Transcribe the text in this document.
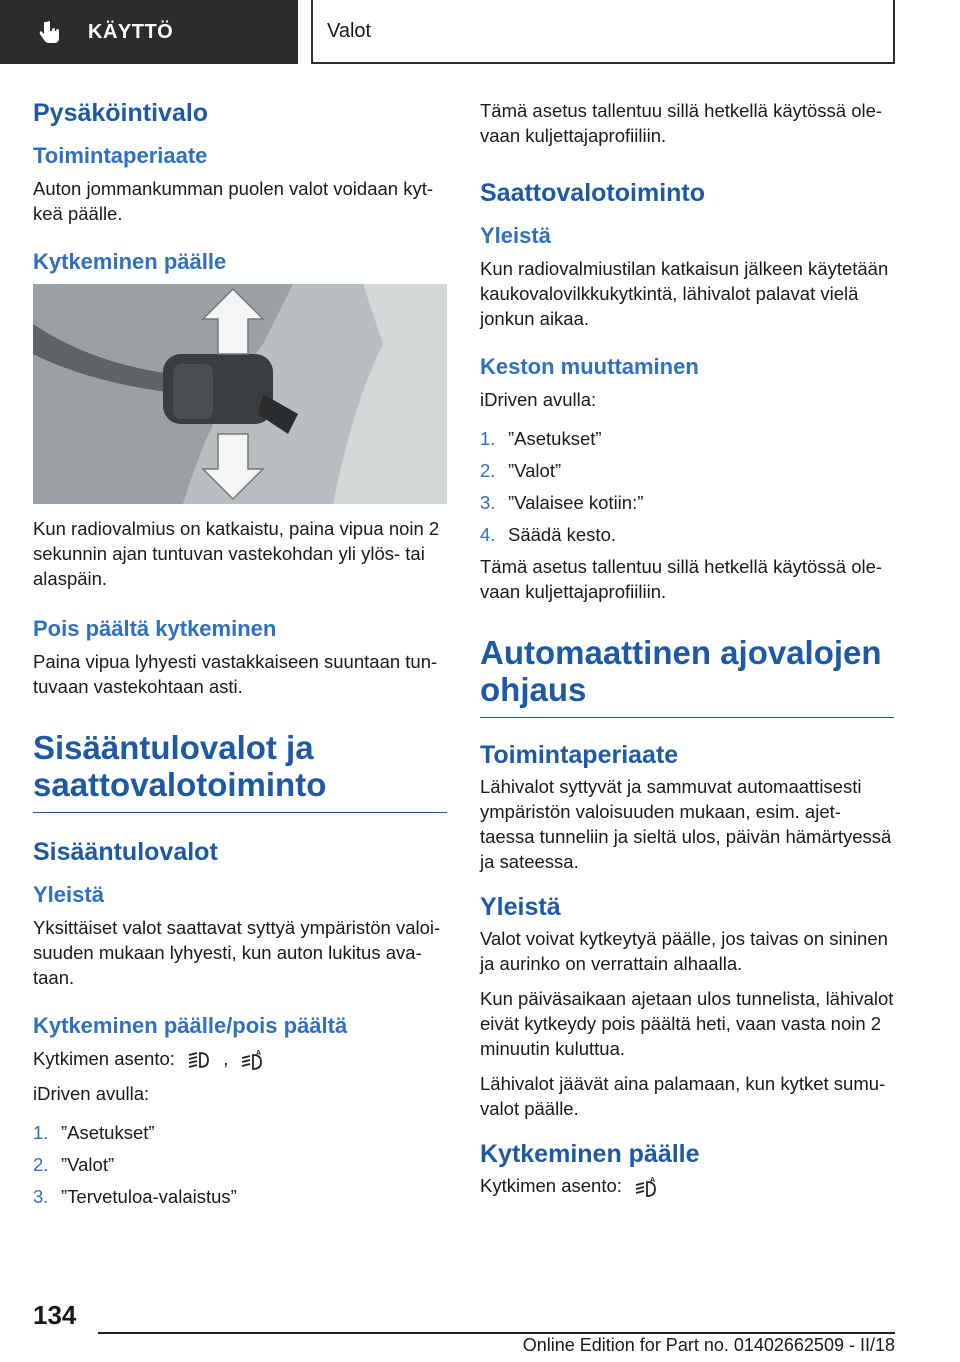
KÄYTTÖ	Valot
Pysäköintivalo
Toimintaperiaate

Auton jommankumman puolen valot voidaan kyt-keä päälle.

Kytkeminen päälle

Kun radiovalmius on katkaistu, paina vipua noin 2 sekunnin ajan tuntuvan vastekohdan yli ylös- tai alaspäin.

Pois päältä kytkeminen

Paina vipua lyhyesti vastakkaiseen suuntaan tun-tuvaan vastekohtaan asti.

Sisääntulovalot ja saattovalotoiminto
Sisääntulovalot
Yleistä

Yksittäiset valot saattavat syttyä ympäristön valoi-suuden mukaan lyhyesti, kun auton lukitus ava-taan.

Kytkeminen päälle/pois päältä

Kytkimen asento:	,	A

iDriven avulla:

1. ”Asetukset”
2. ”Valot”
3. ”Tervetuloa-valaistus”

Tämä asetus tallentuu sillä hetkellä käytössä ole-vaan kuljettajaprofiiliin.

Saattovalotoiminto
Yleistä

Kun radiovalmiustilan katkaisun jälkeen käytetään kaukovalovilkkukytkintä, lähivalot palavat vielä jonkun aikaa.

Keston muuttaminen

iDriven avulla:

1. ”Asetukset”
2. ”Valot”
3. ”Valaisee kotiin:”
4. Säädä kesto.

Tämä asetus tallentuu sillä hetkellä käytössä ole-vaan kuljettajaprofiiliin.

Automaattinen ajovalojen ohjaus
Toimintaperiaate

Lähivalot syttyvät ja sammuvat automaattisesti ympäristön valoisuuden mukaan, esim. ajet-taessa tunneliin ja sieltä ulos, päivän hämärtyessä ja sateessa.

Yleistä

Valot voivat kytkeytyä päälle, jos taivas on sininen ja aurinko on verrattain alhaalla.

Kun päiväsaikaan ajetaan ulos tunnelista, lähivalot eivät kytkeydy pois päältä heti, vaan vasta noin 2 minuutin kuluttua.

Lähivalot jäävät aina palamaan, kun kytket sumu-valot päälle.

Kytkeminen päälle

Kytkimen asento:	A

134
Online Edition for Part no. 01402662509 - II/18
